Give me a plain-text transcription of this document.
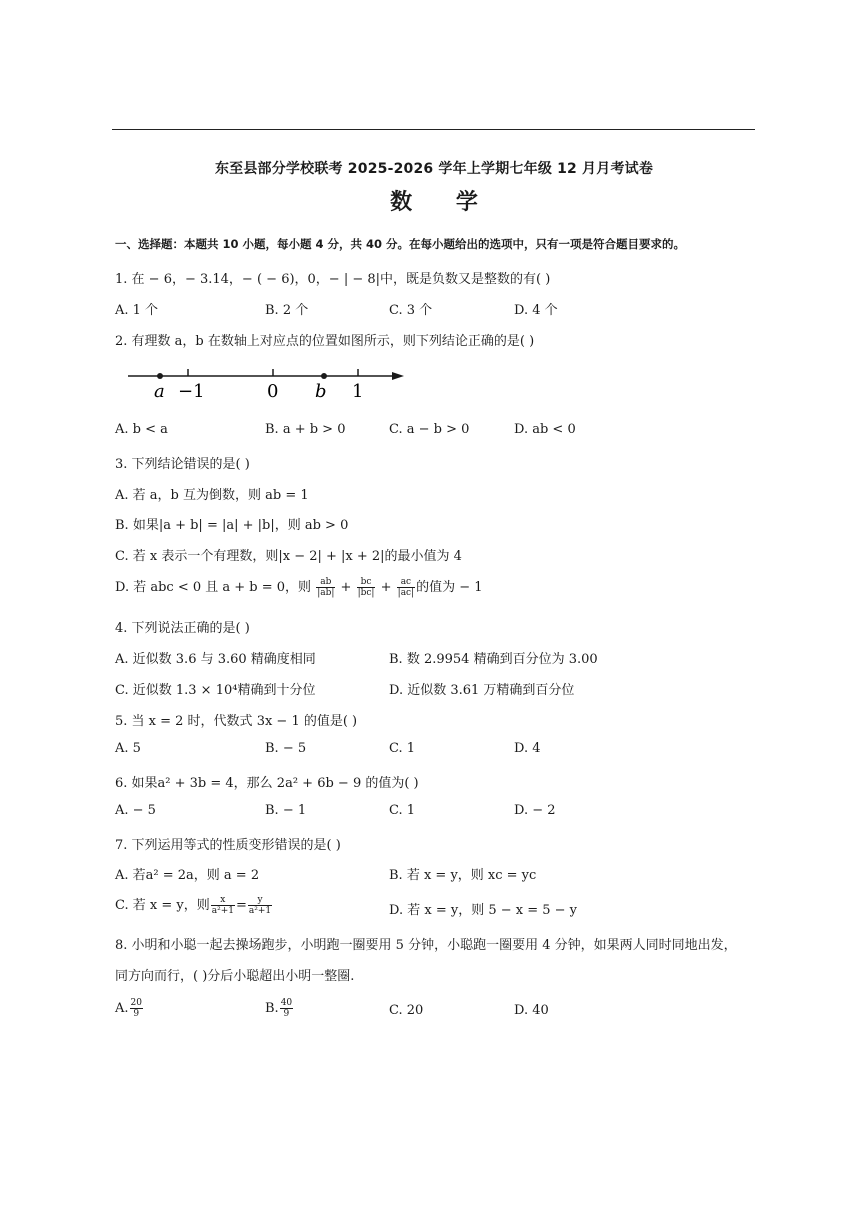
东至县部分学校联考 2025-2026 学年上学期七年级 12 月月考试卷
数 学
一、选择题：本题共 10 小题，每小题 4 分，共 40 分。在每小题给出的选项中，只有一项是符合题目要求的。
1. 在 − 6，− 3.14，− ( − 6)，0，− | − 8|中，既是负数又是整数的有( )
A. 1 个	B. 2 个	C. 3 个	D. 4 个
2. 有理数 a，b 在数轴上对应点的位置如图所示，则下列结论正确的是( )
a −1	0 b 1
A. b < a	B. a + b > 0	C. a − b > 0	D. ab < 0
3. 下列结论错误的是( )
A. 若 a，b 互为倒数，则 ab = 1
B. 如果|a + b| = |a| + |b|，则 ab > 0
C. 若 x 表示一个有理数，则|x − 2| + |x + 2|的最小值为 4
D. 若 abc < 0 且 a + b = 0，则 $\frac{ab}{|ab|} + \frac{bc}{|bc|} + \frac{ac}{|ac|}$ 的值为 − 1
4. 下列说法正确的是( )
A. 近似数 3.6 与 3.60 精确度相同	B. 数 2.9954 精确到百分位为 3.00
C. 近似数 1.3 × 10⁴精确到十分位	D. 近似数 3.61 万精确到百分位
5. 当 x = 2 时，代数式 3x − 1 的值是( )
A. 5	B. − 5	C. 1	D. 4
6. 如果a² + 3b = 4，那么 2a² + 6b − 9 的值为( )
A. − 5	B. − 1	C. 1	D. − 2
7. 下列运用等式的性质变形错误的是( )
A. 若a² = 2a，则 a = 2	B. 若 x = y，则 xc = yc
C. 若 x = y，则 $\frac{x}{\text{a²+1}} = \frac{y}{\text{a²+1}}$	D. 若 x = y，则 5 − x = 5 − y
8. 小明和小聪一起去操场跑步，小明跑一圈要用 5 分钟，小聪跑一圈要用 4 分钟，如果两人同时同地出发，
同方向而行，( )分后小聪超出小明一整圈.
A. $\frac{20}{9}$	B. $\frac{40}{9}$	C. 20	D. 40
